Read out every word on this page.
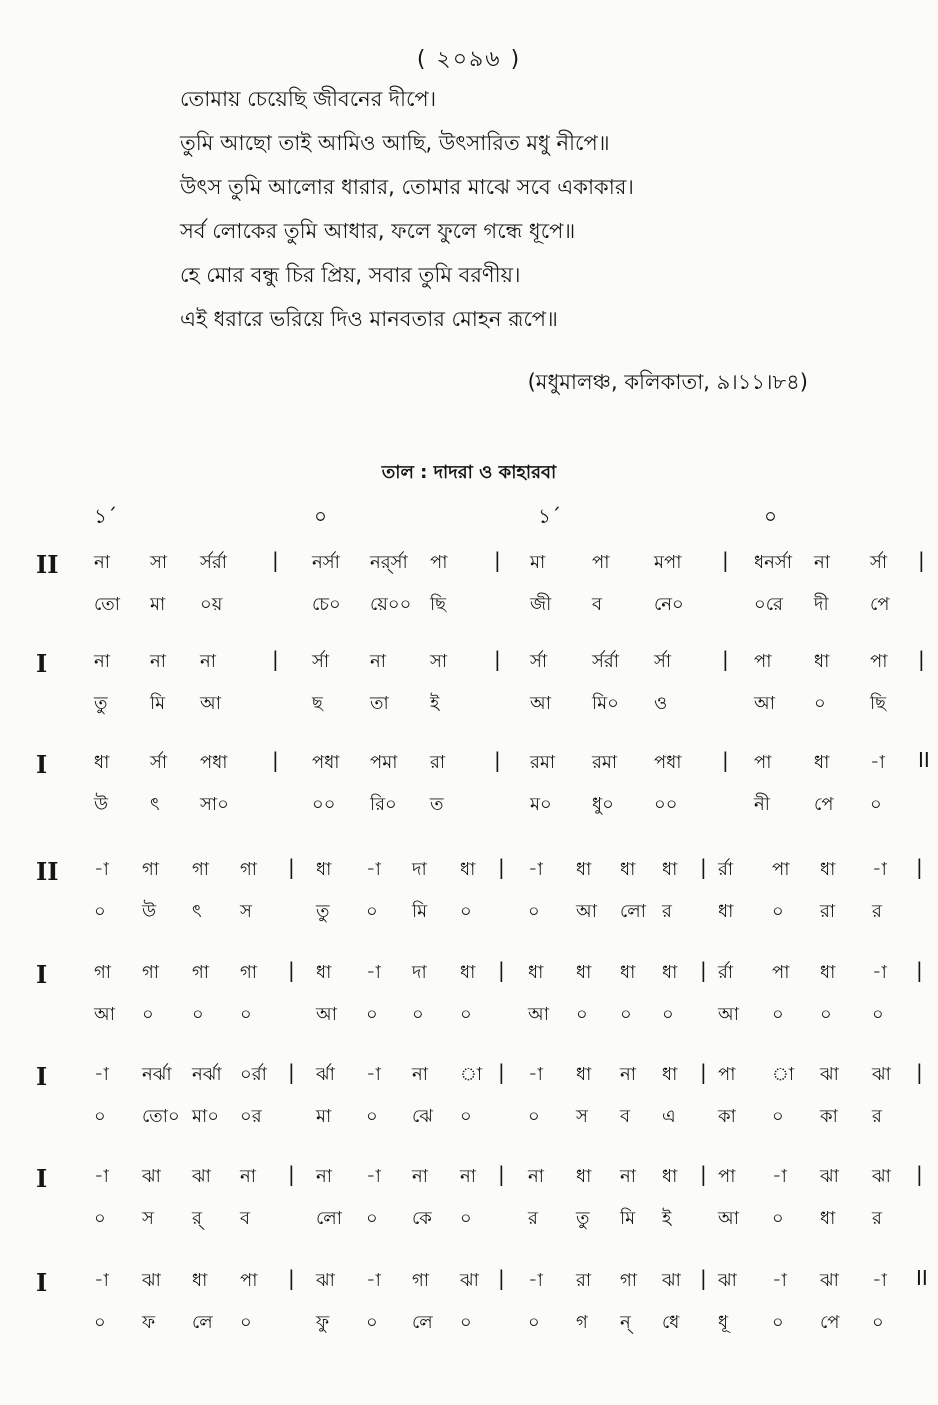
( ২০৯৬ )
তোমায় চেয়েছি জীবনের দীপে।
তুমি আছো তাই আমিও আছি, উৎসারিত মধু নীপে॥
উৎস তুমি আলোর ধারার, তোমার মাঝে সবে একাকার।
সর্ব লোকের তুমি আধার, ফলে ফুলে গন্ধে ধূপে॥
হে মোর বন্ধু চির প্রিয়, সবার তুমি বরণীয়।
এই ধরারে ভরিয়ে দিও মানবতার মোহন রূপে॥
(মধুমালঞ্চ, কলিকাতা, ৯।১১।৮৪)
তাল : দাদরা ও কাহারবা
১´	০	১´	০
II না সা র্সর্রা | নর্সা নর্র্সা পা | মা	পা মপা | ধনর্সা না র্সা |
তো মা ০য়	চে০ য়ে০০ ছি	জী ব	নে০	০রে দী পে
I	না না না	| র্সা না সা | র্সা র্সর্রা র্সা	| পা ধা পা |
তু মি আ	ছ	তা ই	আ মি০ ও	আ ০ ছি
I	ধা র্সা পধা | পধা পমা রা | রমা রমা পধা | পা ধা -া II
উ ৎ সা০	০০ রি০ ত	ম০ ধু০ ০০	নী পে ০
II -া গা গা গা | ধা -া দা ধা | -া ধা ধা ধা | র্রা পা ধা -া |
০ উ ৎ স	তু ০ মি ০	০ আ লো র	ধা ০ রা র
I	গা গা গা গা | ধা -া দা ধা | ধা ধা ধা ধা | র্রা পা ধা -া |
আ ০ ০ ০	আ ০ ০ ০	আ ০ ০ ০ আ ০ ০ ০
I	-া নর্ঝা নর্ঝা ০র্রা | র্ঝা -া না া | -া ধা না ধা | পা া ঝা ঝা |
০ তো০ মা০ ০র	মা ০ ঝে ০	০ স ব এ কা ০ কা র
I	-া ঝা ঝা না | না -া না না | না ধা না ধা | পা -া ঝা ঝা |
০ স র্ ব	লো ০ কে ০	র তু মি ই	আ ০ ধা র
I	-া ঝা ধা পা | ঝা -া গা ঝা | -া রা গা ঝা | ঝা -া ঝা -া II
০ ফ লে ০	ফু ০ লে ০	০ গ ন্ ধে ধূ ০ পে ০
